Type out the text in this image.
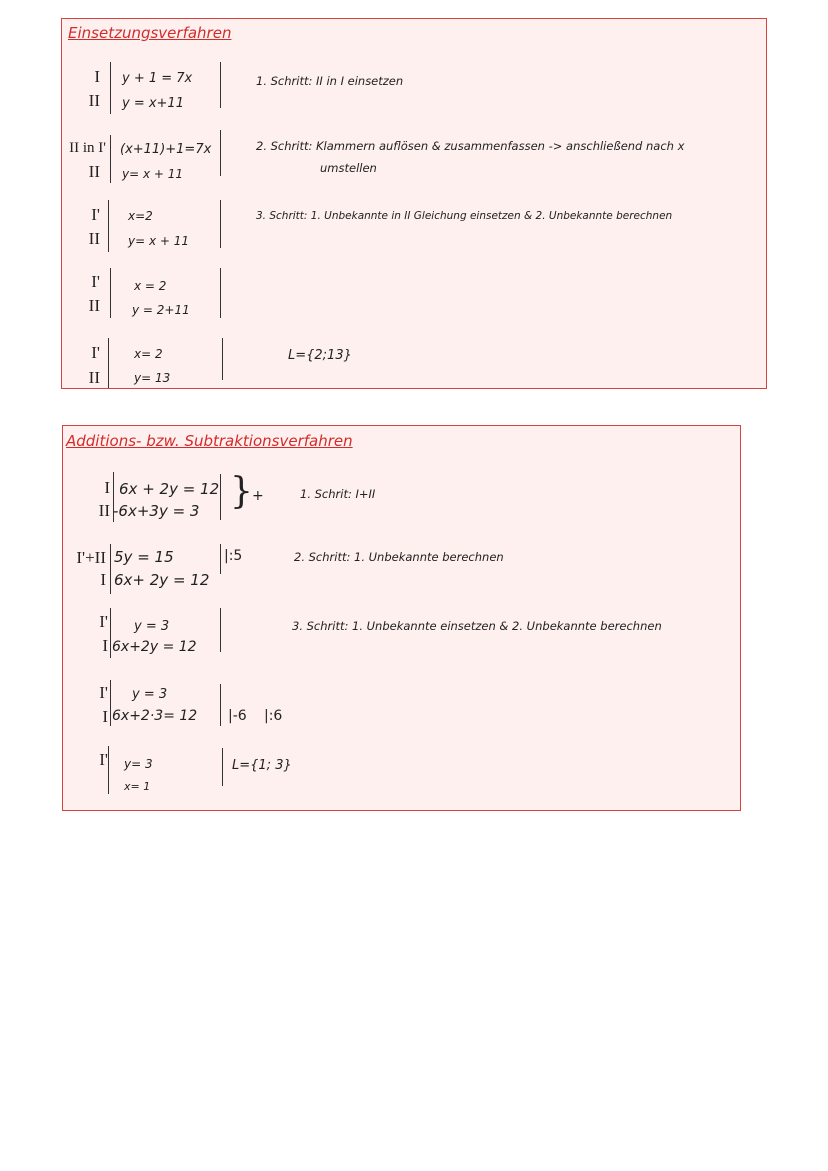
Einsetzungsverfahren
I
II
y + 1 = 7x
y = x+11
1. Schritt: II in I einsetzen
II in I'
II
(x+11)+1=7x
y= x + 11
2. Schritt: Klammern auflösen & zusammenfassen -> anschließend nach x
umstellen
I'
II
x=2
y= x + 11
3. Schritt: 1. Unbekannte in II Gleichung einsetzen & 2. Unbekannte berechnen
I'
II
x = 2
y = 2+11
I'
II
x= 2
y= 13
L={2;13}
Additions- bzw. Subtraktionsverfahren
I
II
6x + 2y = 12
-6x+3y = 3 } +	1. Schrit: I+II
I'+II
I
5y = 15
6x+ 2y = 12
|:5	2. Schritt: 1. Unbekannte berechnen
I'
I
y = 3
6x+2y = 12
3. Schritt: 1. Unbekannte einsetzen & 2. Unbekannte berechnen
I'
I
y = 3
6x+2·3= 12 |-6 |:6
I' y= 3
x= 1
L={1; 3}
